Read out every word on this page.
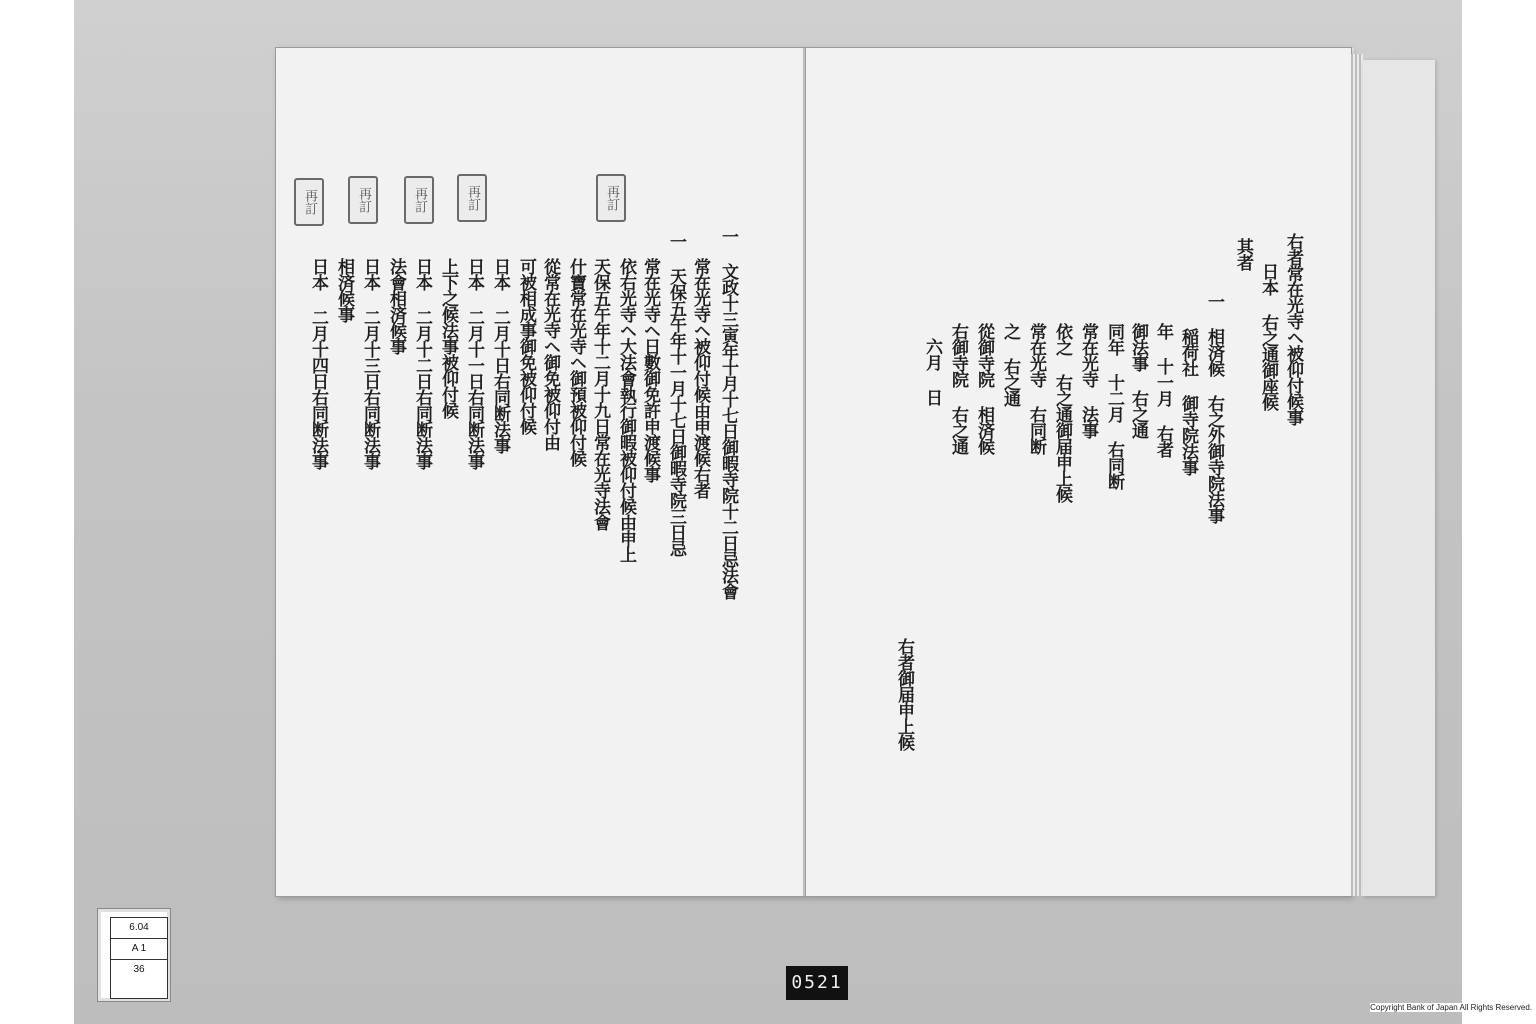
再訂	再訂	再訂	再訂	再訂
一 文政十三寅年十月十七日御暇寺院十二日忌法會
常在光寺ヘ被仰付候由申渡候右者
一 天保五午年十一月十七日御暇寺院三日忌
常在光寺ヘ日數御免許申渡候事
依右光寺ヘ大法會執行御暇被仰付候由申上
天保五午年十二月十九日常在光寺法會
什寶常在光寺ヘ御預被仰付候
從常在光寺ヘ御免被仰付由
可被相成事御免被仰付候
日本 二月十日右同断法事
日本 二月十一日右同断法事
上下之候法事被仰付候
日本 二月十二日右同断法事
法會相済候事
日本 二月十三日右同断法事
相済候事
日本 二月十四日右同断法事	右者常在光寺ヘ被仰付候事
日本 右之通御座候
其者
一 相済候 右之外御寺院法事
稲荷社 御寺院法事
年 十一月 右者
御法事 右之通
同年 十二月 右同断
常在光寺 法事
依之 右之通御届申上候
常在光寺 右同断
之 右之通
從御寺院 相済候
右御寺院 右之通
六月 日
右者御届申上候
6.04
A 1
36
0521
Copyright Bank of Japan All Rights Reserved.
